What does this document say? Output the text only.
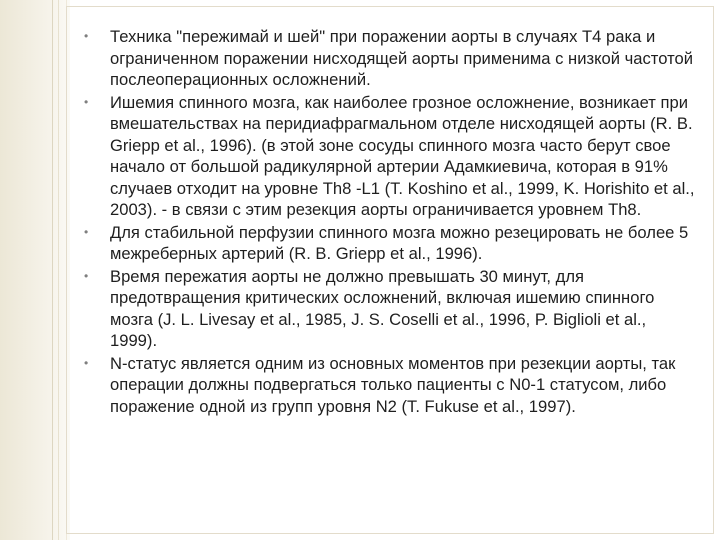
• Техника "пережимай и шей" при поражении аорты в случаях Т4 рака и ограниченном поражении нисходящей аорты применима с низкой частотой послеоперационных осложнений.
• Ишемия спинного мозга, как наиболее грозное осложнение, возникает при вмешательствах на перидиафрагмальном отделе нисходящей аорты (R. B. Griepp et al., 1996). (в этой зоне сосуды спинного мозга часто берут свое начало от большой радикулярной артерии Адамкиевича, которая в 91% случаев отходит на уровне Th8 -L1 (T. Koshino et al., 1999, K. Horishito et al., 2003). - в связи с этим резекция аорты ограничивается уровнем Th8.
• Для стабильной перфузии спинного мозга можно резецировать не более 5 межреберных артерий (R. B. Griepp et al., 1996).
• Время пережатия аорты не должно превышать 30 минут, для предотвращения критических осложнений, включая ишемию спинного мозга (J. L. Livesay et al., 1985, J. S. Coselli et al., 1996, P. Biglioli et al., 1999).
• N-статус является одним из основных моментов при резекции аорты, так операции должны подвергаться только пациенты с N0-1 статусом, либо поражение одной из групп уровня N2 (T. Fukuse et al., 1997).
